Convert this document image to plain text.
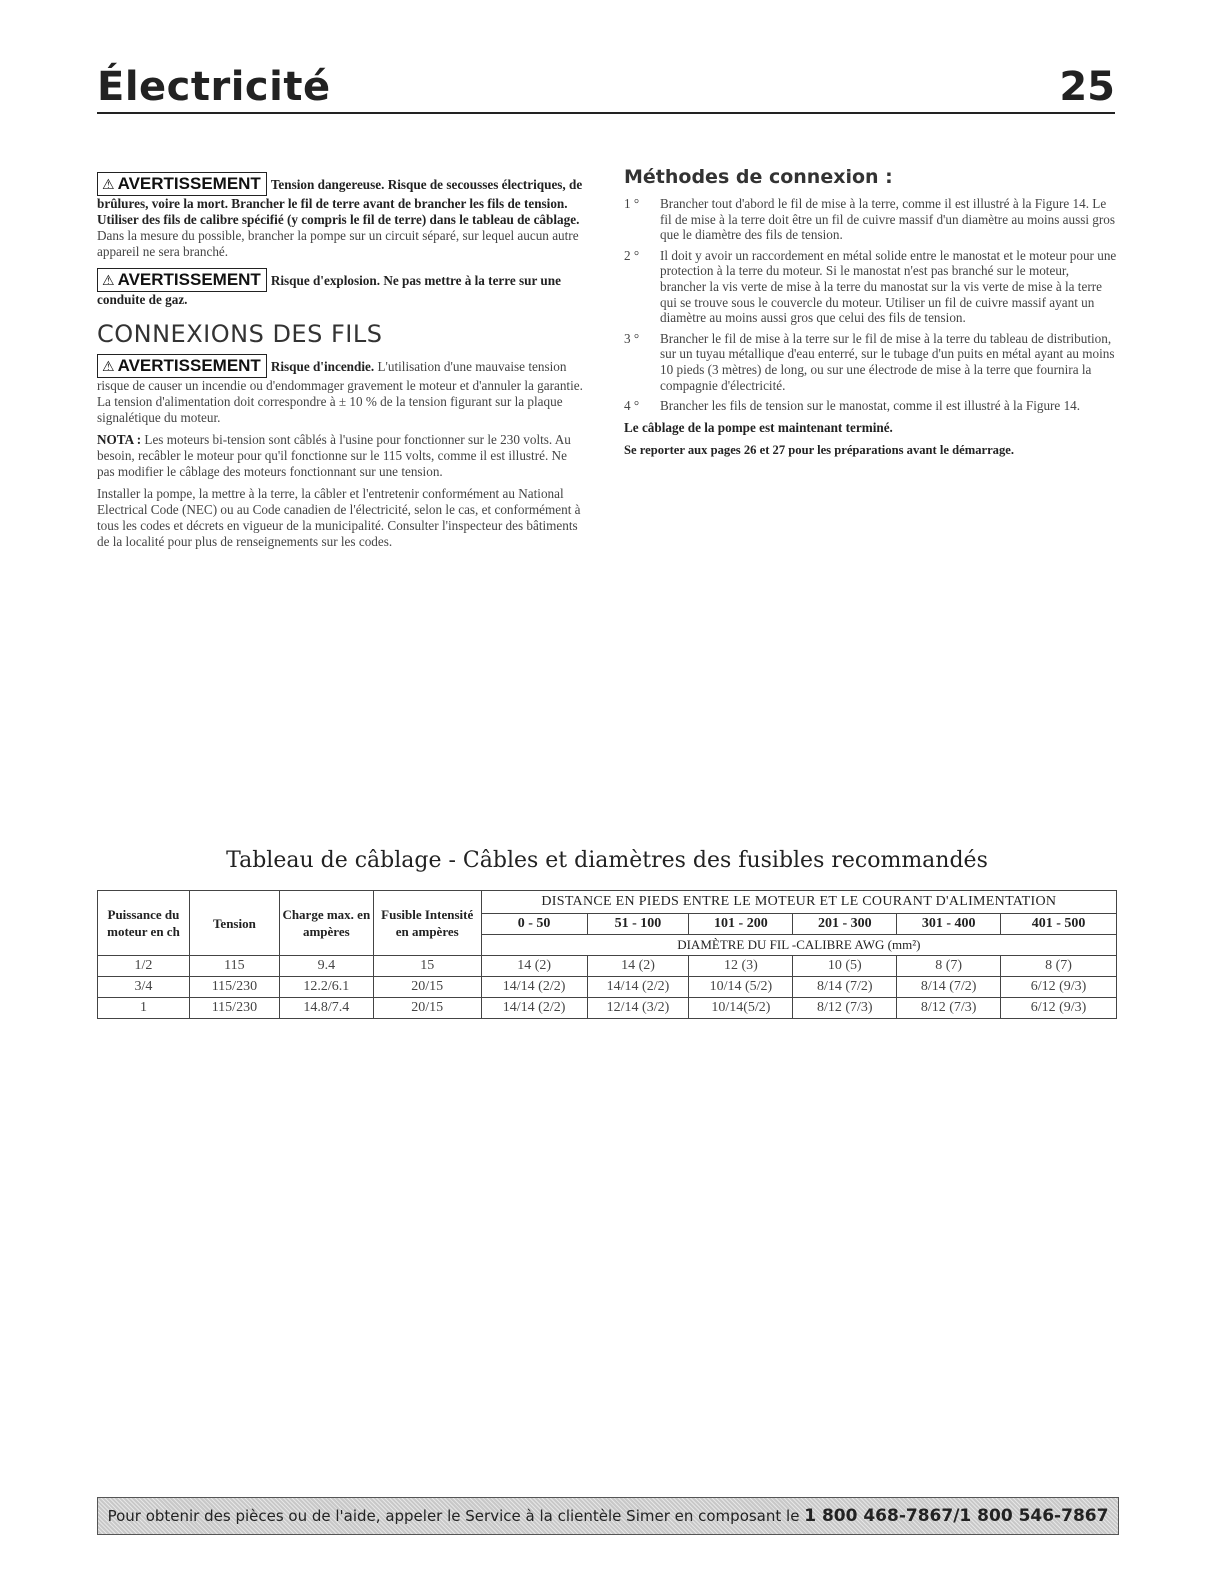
Électricité	25

⚠ AVERTISSEMENT Tension dangereuse. Risque de secousses électriques, de brûlures, voire la mort. Brancher le fil de terre avant de brancher les fils de tension. Utiliser des fils de calibre spécifié (y compris le fil de terre) dans le tableau de câblage. Dans la mesure du possible, brancher la pompe sur un circuit séparé, sur lequel aucun autre appareil ne sera branché.

⚠ AVERTISSEMENT Risque d'explosion. Ne pas mettre à la terre sur une conduite de gaz.

CONNEXIONS DES FILS

⚠ AVERTISSEMENT Risque d'incendie. L'utilisation d'une mauvaise tension risque de causer un incendie ou d'endommager gravement le moteur et d'annuler la garantie. La tension d'alimentation doit correspondre à ± 10 % de la tension figurant sur la plaque signalétique du moteur.

NOTA : Les moteurs bi-tension sont câblés à l'usine pour fonctionner sur le 230 volts. Au besoin, recâbler le moteur pour qu'il fonctionne sur le 115 volts, comme il est illustré. Ne pas modifier le câblage des moteurs fonctionnant sur une tension.

Installer la pompe, la mettre à la terre, la câbler et l'entretenir conformément au National Electrical Code (NEC) ou au Code canadien de l'électricité, selon le cas, et conformément à tous les codes et décrets en vigueur de la municipalité. Consulter l'inspecteur des bâtiments de la localité pour plus de renseignements sur les codes.

Méthodes de connexion :
1 °	Brancher tout d'abord le fil de mise à la terre, comme il est illustré à la Figure 14. Le fil de mise à la terre doit être un fil de cuivre massif d'un diamètre au moins aussi gros que le diamètre des fils de tension.
2 °	Il doit y avoir un raccordement en métal solide entre le manostat et le moteur pour une protection à la terre du moteur. Si le manostat n'est pas branché sur le moteur, brancher la vis verte de mise à la terre du manostat sur la vis verte de mise à la terre qui se trouve sous le couvercle du moteur. Utiliser un fil de cuivre massif ayant un diamètre au moins aussi gros que celui des fils de tension.
3 °	Brancher le fil de mise à la terre sur le fil de mise à la terre du tableau de distribution, sur un tuyau métallique d'eau enterré, sur le tubage d'un puits en métal ayant au moins 10 pieds (3 mètres) de long, ou sur une électrode de mise à la terre que fournira la compagnie d'électricité.
4 °	Brancher les fils de tension sur le manostat, comme il est illustré à la Figure 14.

Le câblage de la pompe est maintenant terminé.

Se reporter aux pages 26 et 27 pour les préparations avant le démarrage.

Tableau de câblage - Câbles et diamètres des fusibles recommandés
Puissance du moteur en ch	Tension	Charge max. en ampères	Fusible Intensité en ampères	DISTANCE EN PIEDS ENTRE LE MOTEUR ET LE COURANT D'ALIMENTATION					
				0 - 50	51 - 100	101 - 200	201 - 300	301 - 400	401 - 500
				DIAMÈTRE DU FIL -CALIBRE AWG (mm²)					
1/2	115	9.4	15	14 (2)	14 (2)	12 (3)	10 (5)	8 (7)	8 (7)
3/4	115/230	12.2/6.1	20/15	14/14 (2/2)	14/14 (2/2)	10/14 (5/2)	8/14 (7/2)	8/14 (7/2)	6/12 (9/3)
1	115/230	14.8/7.4	20/15	14/14 (2/2)	12/14 (3/2)	10/14(5/2)	8/12 (7/3)	8/12 (7/3)	6/12 (9/3)
Pour obtenir des pièces ou de l'aide, appeler le Service à la clientèle Simer en composant le 1 800 468-7867/1 800 546-7867
